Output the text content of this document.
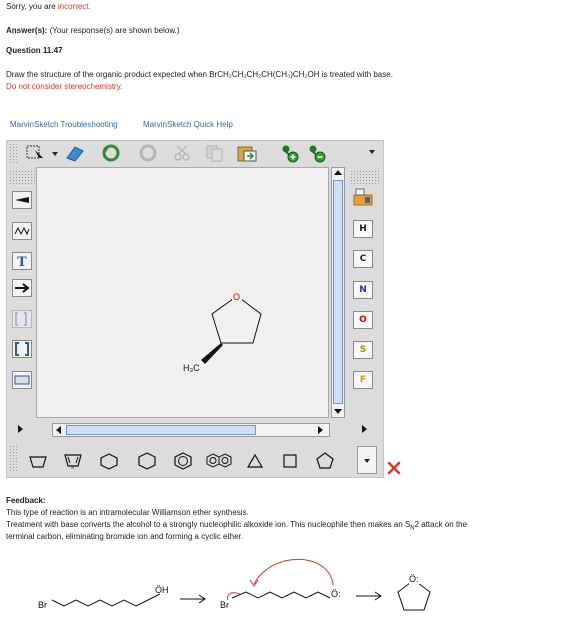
Sorry, you are incorrect.
Answer(s): (Your response(s) are shown below.)
Question 11.47
Draw the structure of the organic product expected when BrCH₂CH₂CH₂CH(CH₃)CH₂OH is treated with base.
Do not consider stereochemistry.
MarvinSketch Troubleshooting	MarvinSketch Quick Help
T
O
H₃C
H
C
N
O
S
F
N
Feedback:
This type of reaction is an intramolecular Williamson ether synthesis.
Treatment with base converts the alcohol to a strongly nucleophilic alkoxide ion. This nucleophile then makes an $S_N2$ attack on the
terminal carbon, eliminating bromide ion and forming a cyclic ether.
Br
ÖH
Br
Ö:
Ö:
